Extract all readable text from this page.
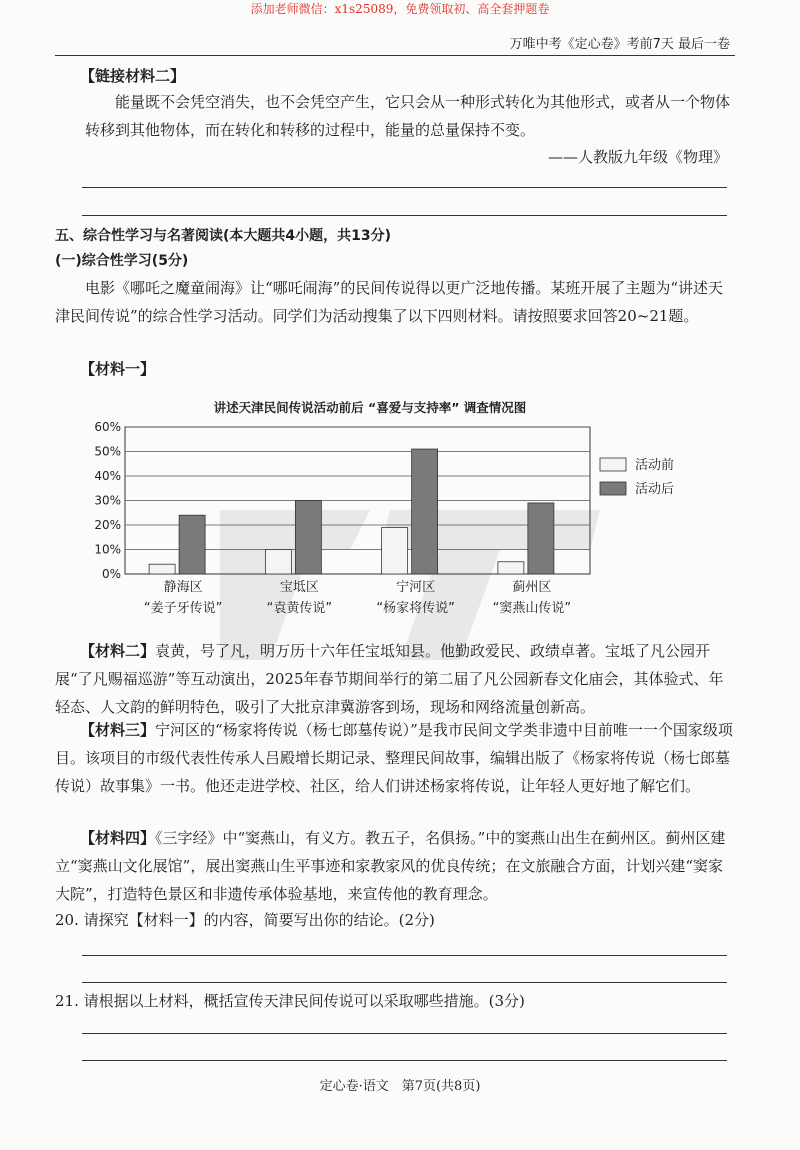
添加老师微信：x1s25089，免费领取初、高全套押题卷
万唯中考《定心卷》考前7天 最后一卷
【链接材料二】
能量既不会凭空消失，也不会凭空产生，它只会从一种形式转化为其他形式，或者从一个物体转移到其他物体，而在转化和转移的过程中，能量的总量保持不变。
——人教版九年级《物理》
五、综合性学习与名著阅读(本大题共4小题，共13分)
(一)综合性学习(5分)
电影《哪吒之魔童闹海》让“哪吒闹海”的民间传说得以更广泛地传播。某班开展了主题为“讲述天津民间传说”的综合性学习活动。同学们为活动搜集了以下四则材料。请按照要求回答20~21题。
【材料一】
讲述天津民间传说活动前后 “喜爱与支持率” 调查情况图
0%
10%
20%
30%
40%
50%
60%
静海区
“姜子牙传说”
宝坻区
“袁黄传说”
宁河区
“杨家将传说”
蓟州区
“窦燕山传说”
活动前
活动后
【材料二】袁黄，号了凡，明万历十六年任宝坻知县。他勤政爱民、政绩卓著。宝坻了凡公园开展“了凡赐福巡游”等互动演出，2025年春节期间举行的第二届了凡公园新春文化庙会，其体验式、年轻态、人文韵的鲜明特色，吸引了大批京津冀游客到场，现场和网络流量创新高。
【材料三】宁河区的“杨家将传说（杨七郎墓传说）”是我市民间文学类非遗中目前唯一一个国家级项目。该项目的市级代表性传承人吕殿增长期记录、整理民间故事，编辑出版了《杨家将传说（杨七郎墓传说）故事集》一书。他还走进学校、社区，给人们讲述杨家将传说，让年轻人更好地了解它们。
【材料四】《三字经》中“窦燕山，有义方。教五子，名俱扬。”中的窦燕山出生在蓟州区。蓟州区建立“窦燕山文化展馆”，展出窦燕山生平事迹和家教家风的优良传统；在文旅融合方面，计划兴建“窦家大院”，打造特色景区和非遗传承体验基地，来宣传他的教育理念。
20. 请探究【材料一】的内容，简要写出你的结论。(2分)
21. 请根据以上材料，概括宣传天津民间传说可以采取哪些措施。(3分)
定心卷·语文　第7页(共8页)
